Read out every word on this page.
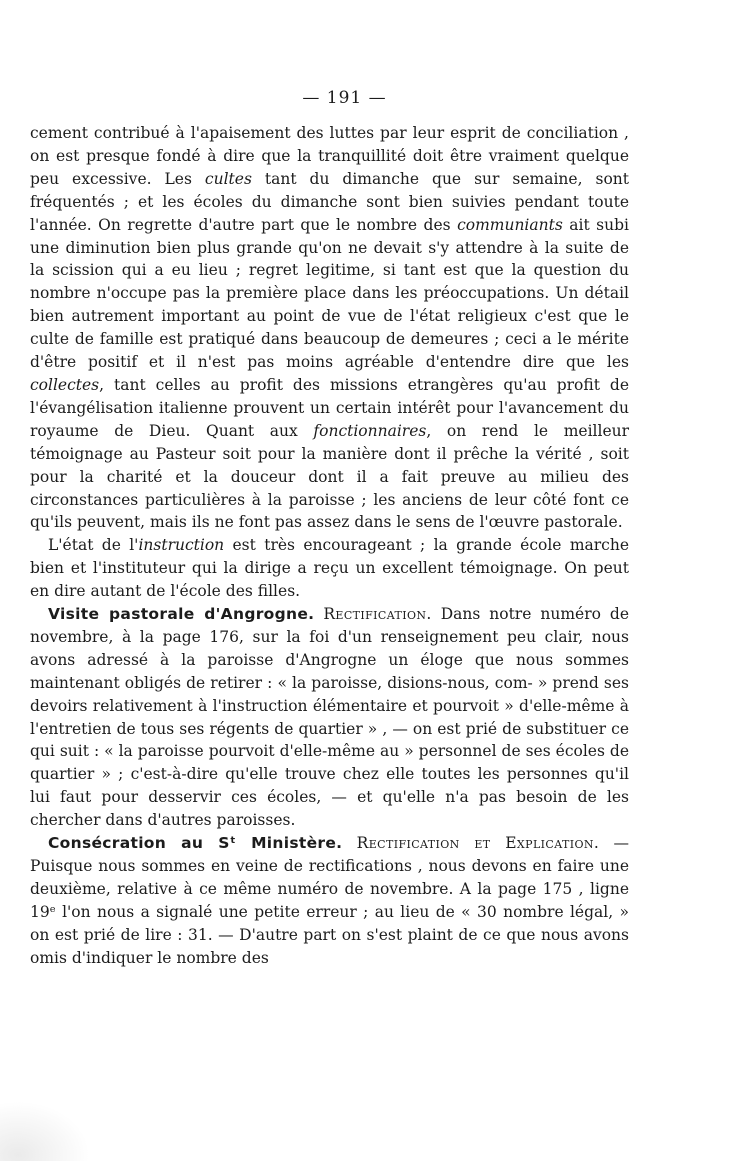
— 191 —

cement contribué à l'apaisement des luttes par leur esprit de conciliation , on est presque fondé à dire que la tranquillité doit être vraiment quelque peu excessive. Les cultes tant du dimanche que sur semaine, sont fréquentés ; et les écoles du dimanche sont bien suivies pendant toute l'année. On regrette d'autre part que le nombre des communiants ait subi une diminution bien plus grande qu'on ne devait s'y attendre à la suite de la scission qui a eu lieu ; regret legitime, si tant est que la question du nombre n'occupe pas la première place dans les préoccupations. Un détail bien autrement important au point de vue de l'état religieux c'est que le culte de famille est pratiqué dans beaucoup de demeures ; ceci a le mérite d'être positif et il n'est pas moins agréable d'entendre dire que les collectes, tant celles au profit des missions etrangères qu'au profit de l'évangélisation italienne prouvent un certain intérêt pour l'avancement du royaume de Dieu. Quant aux fonctionnaires, on rend le meilleur témoignage au Pasteur soit pour la manière dont il prêche la vérité , soit pour la charité et la douceur dont il a fait preuve au milieu des circonstances particulières à la paroisse ; les anciens de leur côté font ce qu'ils peuvent, mais ils ne font pas assez dans le sens de l'œuvre pastorale.

L'état de l'instruction est très encourageant ; la grande école marche bien et l'instituteur qui la dirige a reçu un excellent témoignage. On peut en dire autant de l'école des filles.

Visite pastorale d'Angrogne. Rectification. Dans notre numéro de novembre, à la page 176, sur la foi d'un renseignement peu clair, nous avons adressé à la paroisse d'Angrogne un éloge que nous sommes maintenant obligés de retirer : « la paroisse, disions-nous, com- » prend ses devoirs relativement à l'instruction élémentaire et pourvoit » d'elle-même à l'entretien de tous ses régents de quartier » , — on est prié de substituer ce qui suit : « la paroisse pourvoit d'elle-même au » personnel de ses écoles de quartier » ; c'est-à-dire qu'elle trouve chez elle toutes les personnes qu'il lui faut pour desservir ces écoles, — et qu'elle n'a pas besoin de les chercher dans d'autres paroisses.

Consécration au Sᵗ Ministère. Rectification et Explication. — Puisque nous sommes en veine de rectifications , nous devons en faire une deuxième, relative à ce même numéro de novembre. A la page 175 , ligne 19ᵉ l'on nous a signalé une petite erreur ; au lieu de « 30 nombre légal, » on est prié de lire : 31. — D'autre part on s'est plaint de ce que nous avons omis d'indiquer le nombre des
